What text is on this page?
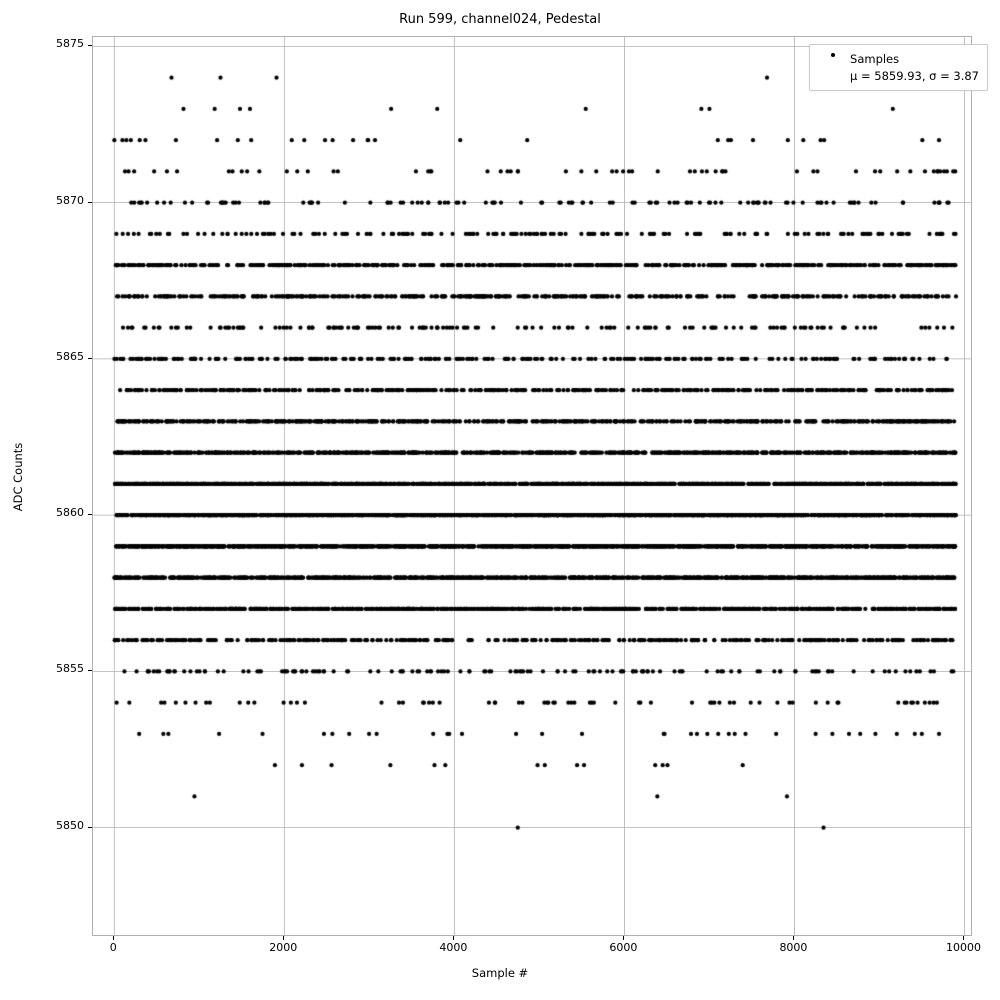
Run 599, channel024, Pedestal
0	2000	4000	6000	8000	10000
5850
5855
5860
5865
5870
5875
Sample #
ADC Counts
Samples
μ = 5859.93, σ = 3.87
